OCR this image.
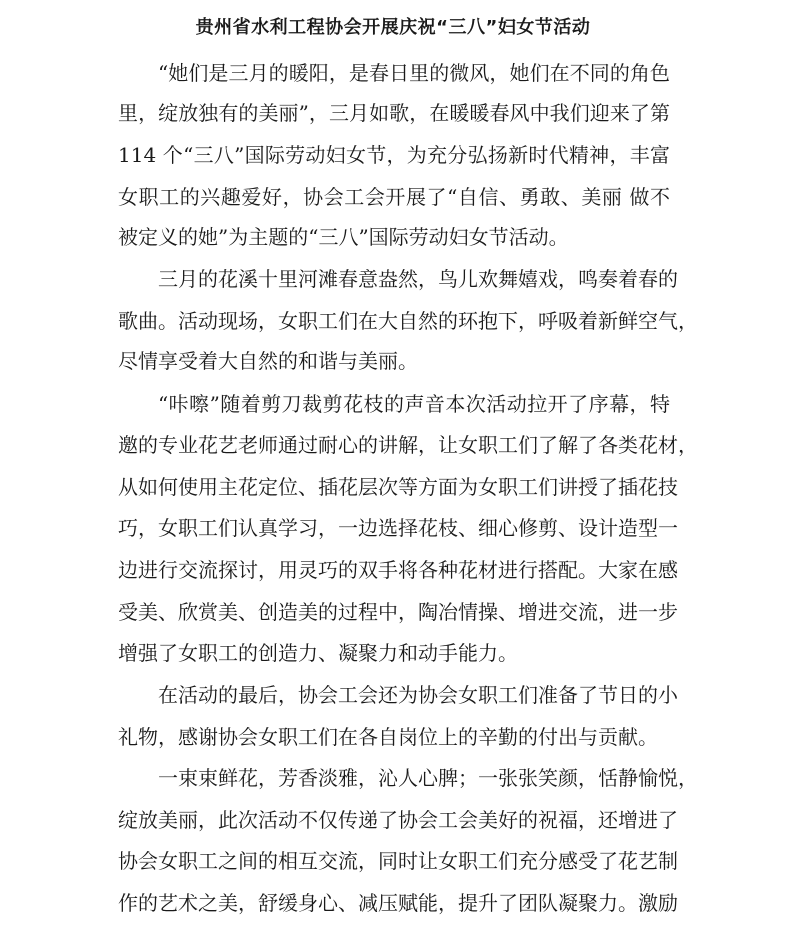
贵州省水利工程协会开展庆祝“三八”妇女节活动

“她们是三月的暖阳，是春日里的微风，她们在不同的角色

里，绽放独有的美丽”，三月如歌，在暖暖春风中我们迎来了第

114 个“三八”国际劳动妇女节，为充分弘扬新时代精神，丰富

女职工的兴趣爱好，协会工会开展了“自信、勇敢、美丽 做不

被定义的她”为主题的“三八”国际劳动妇女节活动。

三月的花溪十里河滩春意盎然，鸟儿欢舞嬉戏，鸣奏着春的

歌曲。活动现场，女职工们在大自然的环抱下，呼吸着新鲜空气，

尽情享受着大自然的和谐与美丽。

“咔嚓”随着剪刀裁剪花枝的声音本次活动拉开了序幕，特

邀的专业花艺老师通过耐心的讲解，让女职工们了解了各类花材，

从如何使用主花定位、插花层次等方面为女职工们讲授了插花技

巧，女职工们认真学习，一边选择花枝、细心修剪、设计造型一

边进行交流探讨，用灵巧的双手将各种花材进行搭配。大家在感

受美、欣赏美、创造美的过程中，陶冶情操、增进交流，进一步

增强了女职工的创造力、凝聚力和动手能力。

在活动的最后，协会工会还为协会女职工们准备了节日的小

礼物，感谢协会女职工们在各自岗位上的辛勤的付出与贡献。

一束束鲜花，芳香淡雅，沁人心脾；一张张笑颜，恬静愉悦，

绽放美丽，此次活动不仅传递了协会工会美好的祝福，还增进了

协会女职工之间的相互交流，同时让女职工们充分感受了花艺制

作的艺术之美，舒缓身心、减压赋能，提升了团队凝聚力。激励
